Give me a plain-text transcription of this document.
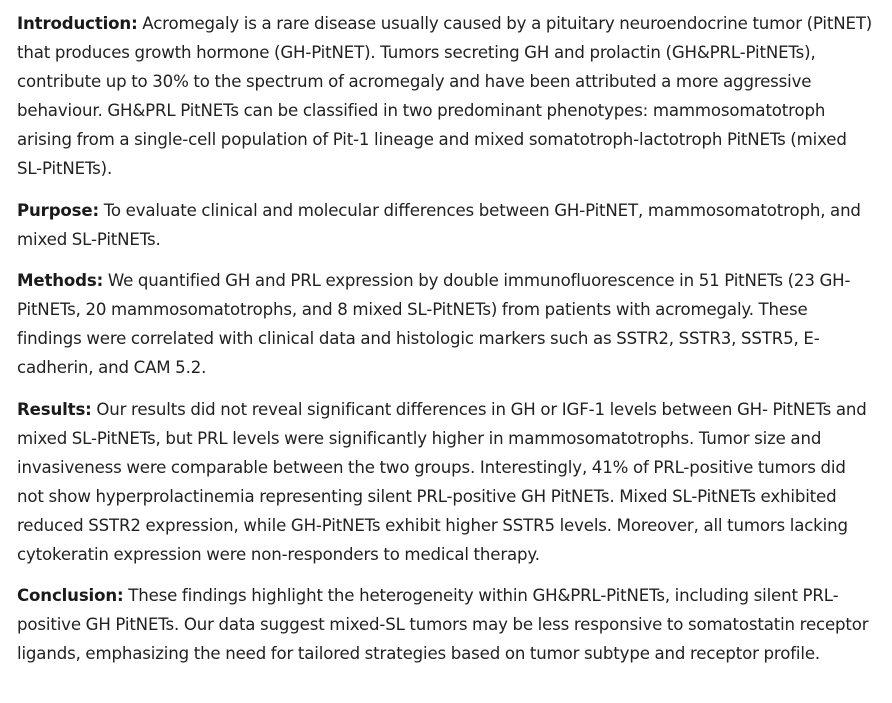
Introduction: Acromegaly is a rare disease usually caused by a pituitary neuroendocrine tumor (PitNET) that produces growth hormone (GH-PitNET). Tumors secreting GH and prolactin (GH&PRL-PitNETs), contribute up to 30% to the spectrum of acromegaly and have been attributed a more aggressive behaviour. GH&PRL PitNETs can be classified in two predominant phenotypes: mammosomatotroph arising from a single-cell population of Pit-1 lineage and mixed somatotroph-lactotroph PitNETs (mixed SL-PitNETs).

Purpose: To evaluate clinical and molecular differences between GH-PitNET, mammosomatotroph, and mixed SL-PitNETs.

Methods: We quantified GH and PRL expression by double immunofluorescence in 51 PitNETs (23 GH-PitNETs, 20 mammosomatotrophs, and 8 mixed SL-PitNETs) from patients with acromegaly. These findings were correlated with clinical data and histologic markers such as SSTR2, SSTR3, SSTR5, E-cadherin, and CAM 5.2.

Results: Our results did not reveal significant differences in GH or IGF-1 levels between GH- PitNETs and mixed SL-PitNETs, but PRL levels were significantly higher in mammosomatotrophs. Tumor size and invasiveness were comparable between the two groups. Interestingly, 41% of PRL-positive tumors did not show hyperprolactinemia representing silent PRL-positive GH PitNETs. Mixed SL-PitNETs exhibited reduced SSTR2 expression, while GH-PitNETs exhibit higher SSTR5 levels. Moreover, all tumors lacking cytokeratin expression were non-responders to medical therapy.

Conclusion: These findings highlight the heterogeneity within GH&PRL-PitNETs, including silent PRL-positive GH PitNETs. Our data suggest mixed-SL tumors may be less responsive to somatostatin receptor ligands, emphasizing the need for tailored strategies based on tumor subtype and receptor profile.
